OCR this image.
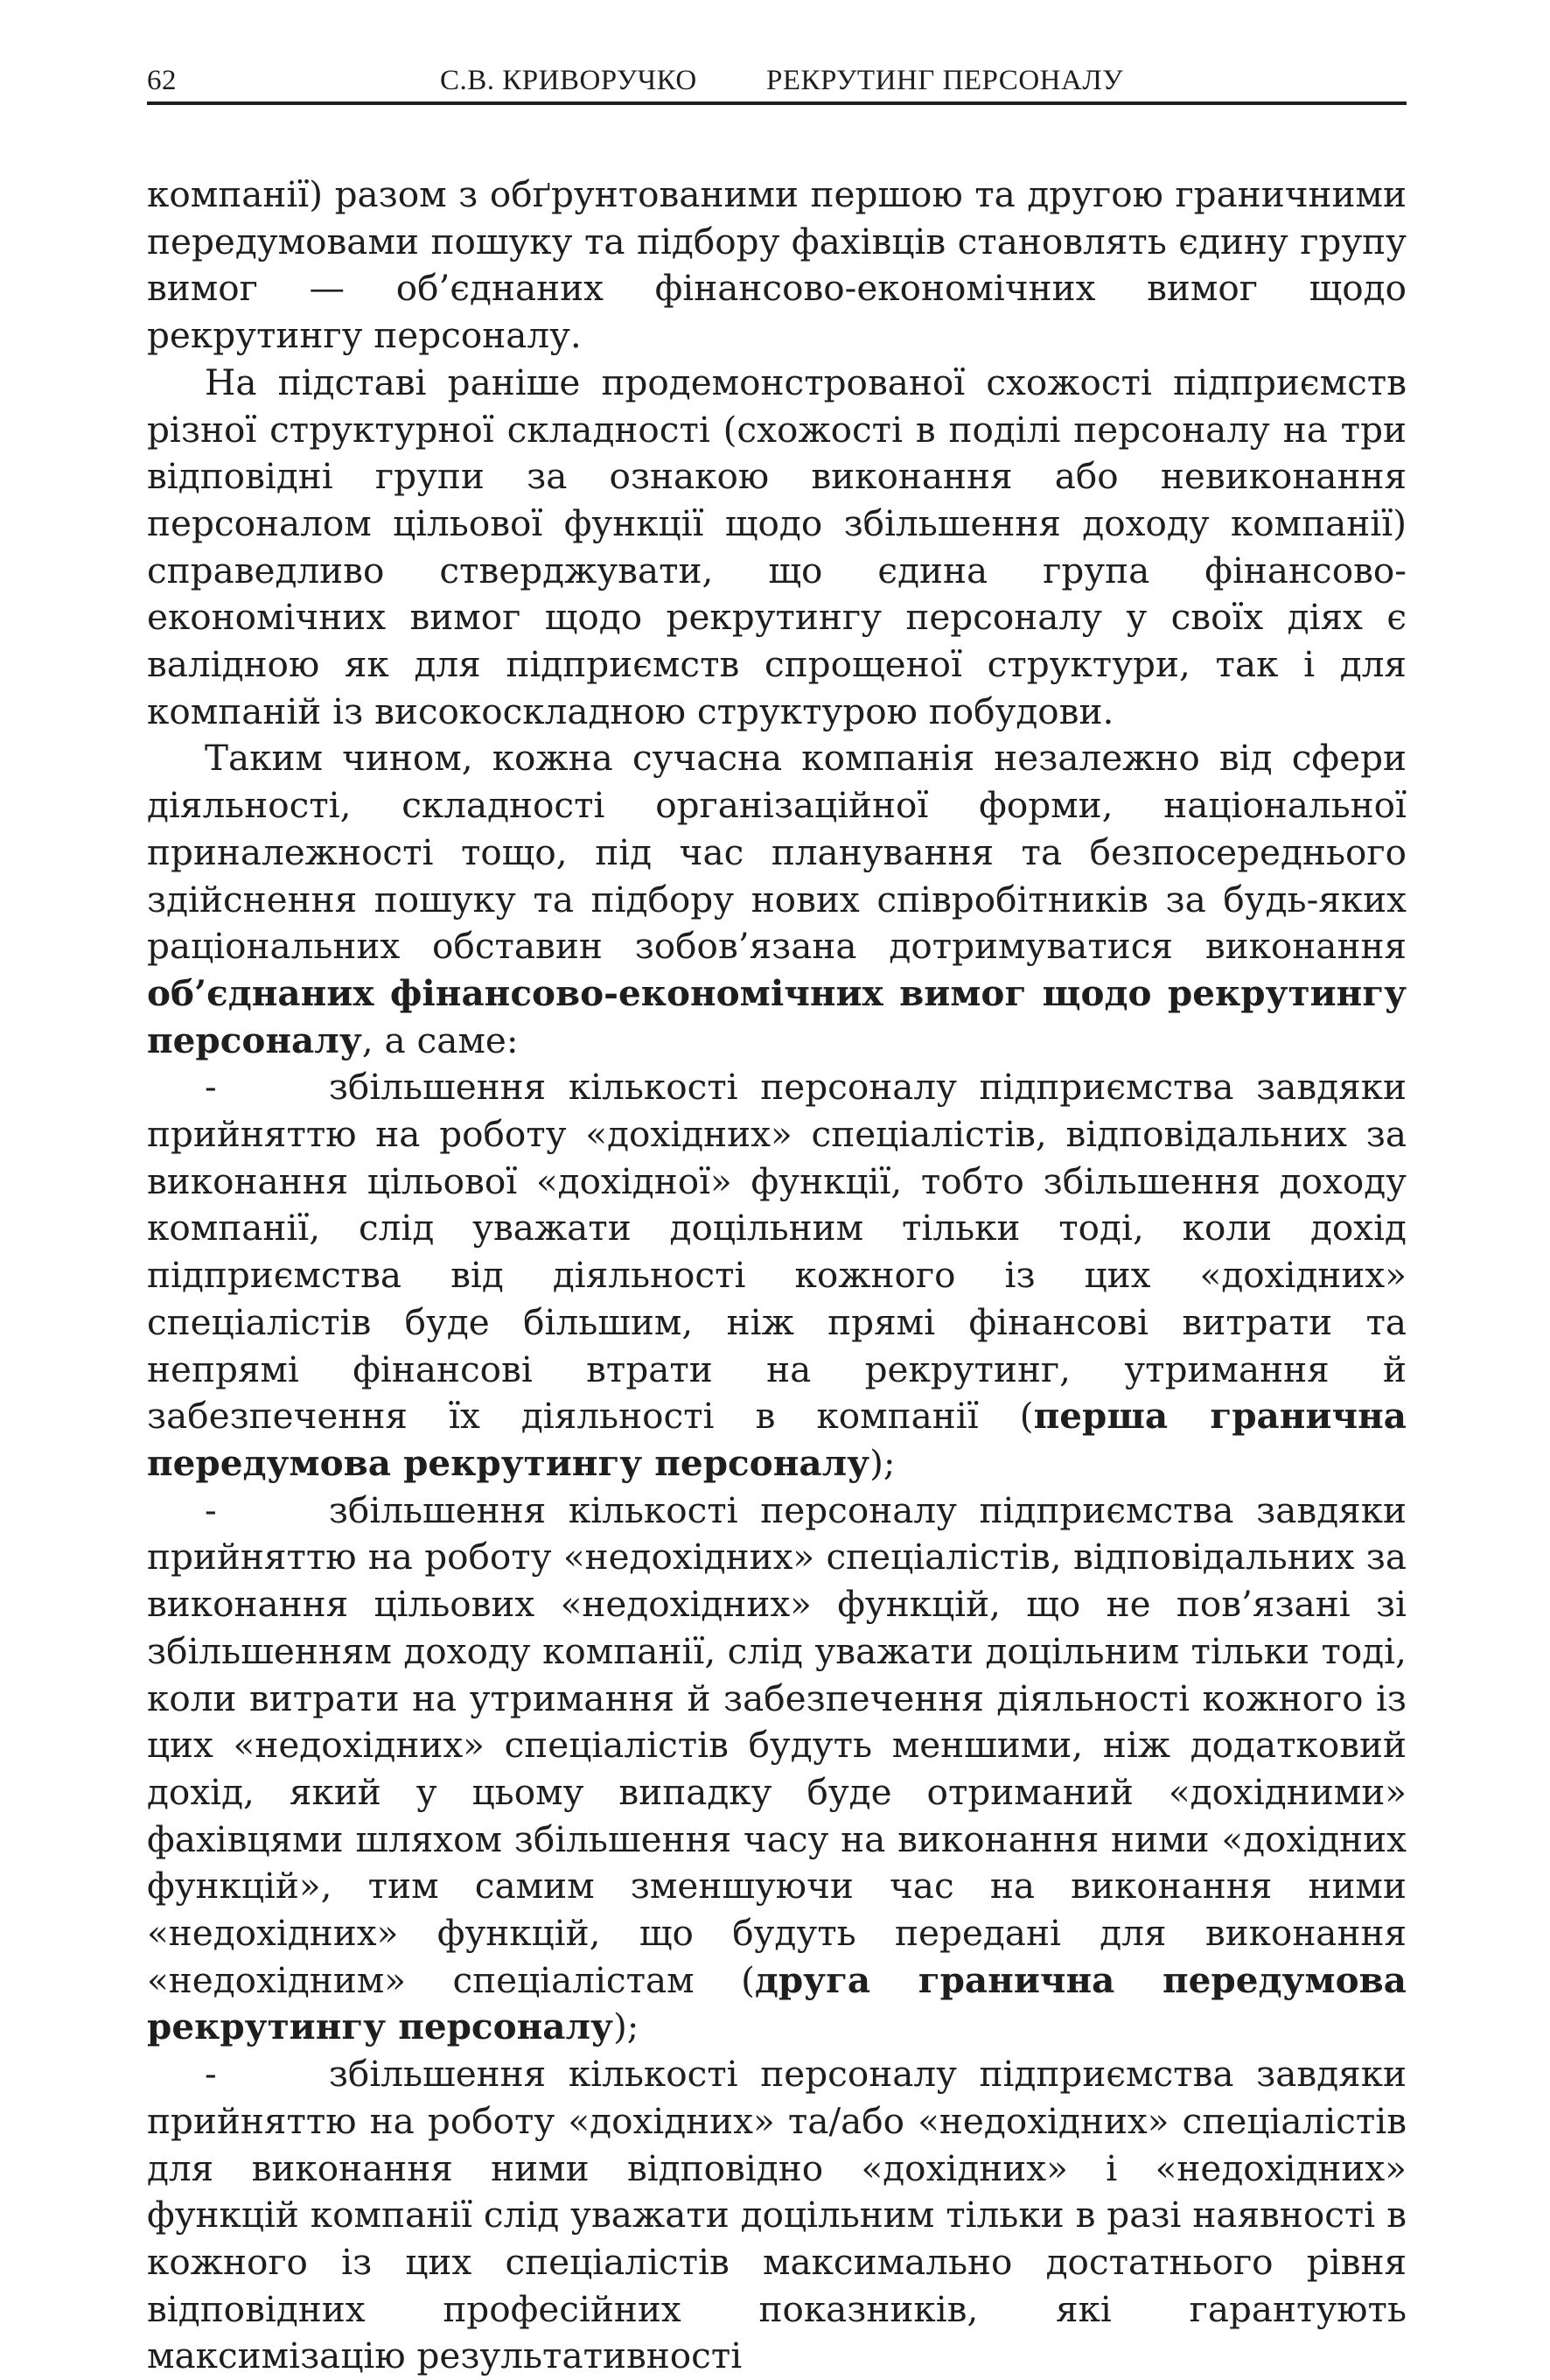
62	С.В. КРИВОРУЧКО РЕКРУТИНГ ПЕРСОНАЛУ

компанії) разом з обґрунтованими першою та другою граничними передумовами пошуку та підбору фахівців становлять єдину групу вимог — об’єднаних фінансово-економічних вимог щодо рекрутингу персоналу.

На підставі раніше продемонстрованої схожості підприємств різної структурної складності (схожості в поділі персоналу на три відповідні групи за ознакою виконання або невиконання персоналом цільової функції щодо збільшення доходу компанії) справедливо стверджувати, що єдина група фінансово-економічних вимог щодо рекрутингу персоналу у своїх діях є валідною як для підприємств спрощеної структури, так і для компаній із високоскладною структурою побудови.

Таким чином, кожна сучасна компанія незалежно від сфери діяльності, складності організаційної форми, національної приналежності тощо, під час планування та безпосереднього здійснення пошуку та підбору нових співробітників за будь-яких раціональних обставин зобов’язана дотримуватися виконання об’єднаних фінансово-економічних вимог щодо рекрутингу персоналу, а саме:

-	збільшення кількості персоналу підприємства завдяки прийняттю на роботу «дохідних» спеціалістів, відповідальних за виконання цільової «дохідної» функції, тобто збільшення доходу компанії, слід уважати доцільним тільки тоді, коли дохід підприємства від діяльності кожного із цих «дохідних» спеціалістів буде більшим, ніж прямі фінансові витрати та непрямі фінансові втрати на рекрутинг, утримання й забезпечення їх діяльності в компанії (перша гранична передумова рекрутингу персоналу);

-	збільшення кількості персоналу підприємства завдяки прийняттю на роботу «недохідних» спеціалістів, відповідальних за виконання цільових «недохідних» функцій, що не пов’язані зі збільшенням доходу компанії, слід уважати доцільним тільки тоді, коли витрати на утримання й забезпечення діяльності кожного із цих «недохідних» спеціалістів будуть меншими, ніж додатковий дохід, який у цьому випадку буде отриманий «дохідними» фахівцями шляхом збільшення часу на виконання ними «дохідних функцій», тим самим зменшуючи час на виконання ними «недохідних» функцій, що будуть передані для виконання «недохідним» спеціалістам (друга гранична передумова рекрутингу персоналу);

-	збільшення кількості персоналу підприємства завдяки прийняттю на роботу «дохідних» та/або «недохідних» спеціалістів для виконання ними відповідно «дохідних» і «недохідних» функцій компанії слід уважати доцільним тільки в разі наявності в кожного із цих спеціалістів максимально достатнього рівня відповідних професійних показників, які гарантують максимізацію результативності
